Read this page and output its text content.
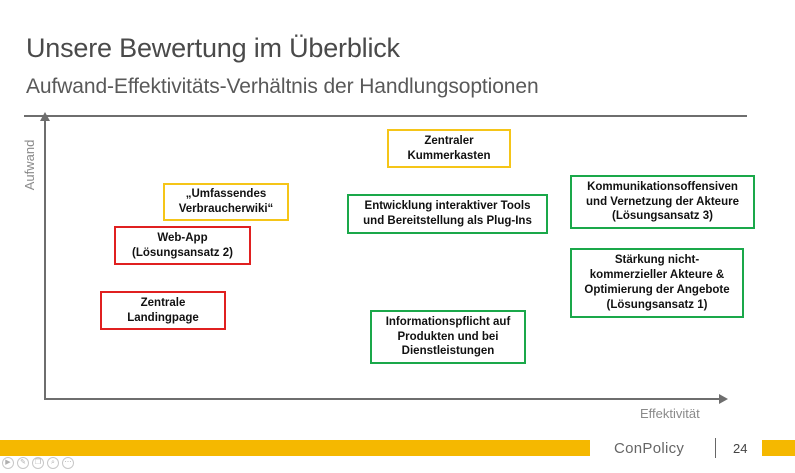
Unsere Bewertung im Überblick
Aufwand-Effektivitäts-Verhältnis der Handlungsoptionen
Aufwand
Effektivität
Zentraler
Kummerkasten
„Umfassendes
Verbraucherwiki“
Web-App
(Lösungsansatz 2)
Zentrale
Landingpage
Entwicklung interaktiver Tools
und Bereitstellung als Plug-Ins
Kommunikationsoffensiven
und Vernetzung der Akteure
(Lösungsansatz 3)
Stärkung nicht-
kommerzieller Akteure &
Optimierung der Angebote
(Lösungsansatz 1)
Informationspflicht auf
Produkten und bei
Dienstleistungen
ConPolicy	24
▶	✎	❐	⌕	⋯
